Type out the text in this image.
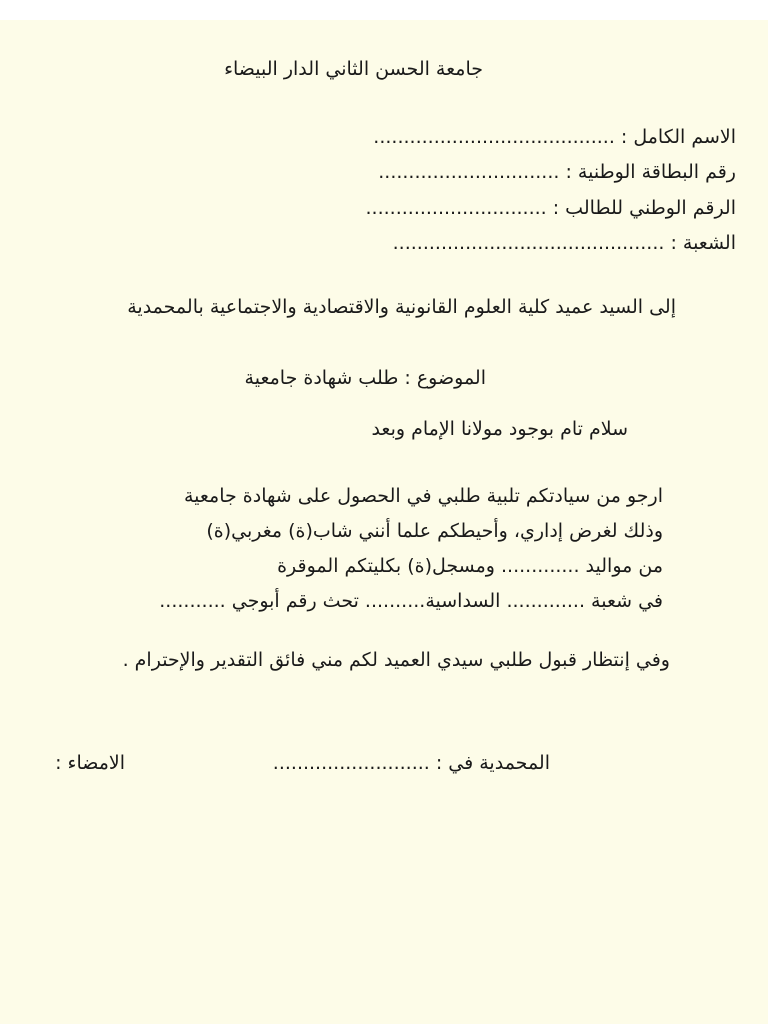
جامعة الحسن الثاني الدار البيضاء
الاسم الكامل : ........................................
رقم البطاقة الوطنية : ..............................
الرقم الوطني للطالب : ..............................
الشعبة : .............................................
إلى السيد عميد كلية العلوم القانونية والاقتصادية والاجتماعية بالمحمدية
الموضوع : طلب شهادة جامعية
سلام تام بوجود مولانا الإمام وبعد
ارجو من سيادتكم تلبية طلبي في الحصول على شهادة جامعية
وذلك لغرض إداري، وأحيطكم علما أنني شاب(ة) مغربي(ة)
من مواليد ............. ومسجل(ة) بكليتكم الموقرة
في شعبة ............. السداسية.......... تحث رقم أبوجي ...........
وفي إنتظار قبول طلبي سيدي العميد لكم مني فائق التقدير والإحترام .
المحمدية في : ..........................
الامضاء :
